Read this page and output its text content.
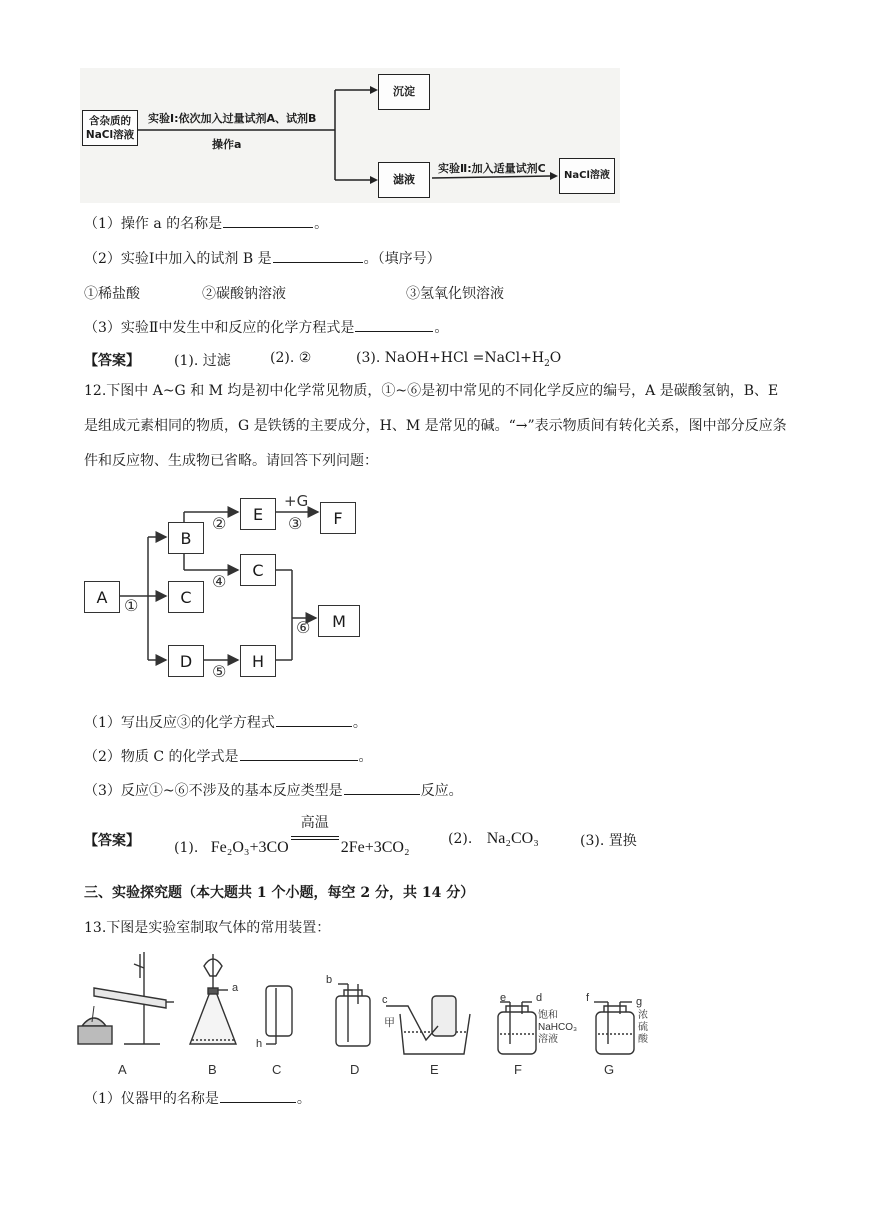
含杂质的NaCl溶液
实验Ⅰ:依次加入过量试剂A、试剂B
操作a
沉淀
滤液
实验Ⅱ:加入适量试剂C
NaCl溶液
（1）操作 a 的名称是	。
（2）实验Ⅰ中加入的试剂 B 是	。（填序号）
①稀盐酸	②碳酸钠溶液	③氢氧化钡溶液
（3）实验Ⅱ中发生中和反应的化学方程式是	。
【答案】 (1). 过滤	(2). ②	(3). NaOH+HCl $=NaCl+H_2O$
12.下图中 A~G 和 M 均是初中化学常见物质，①~⑥是初中常见的不同化学反应的编号，A 是碳酸氢钠，B、E 是组成元素相同的物质，G 是铁锈的主要成分，H、M 是常见的碱。“→”表示物质间有转化关系，图中部分反应条件和反应物、生成物已省略。请回答下列问题：
A
B
C
D
E	F
C
H
M
①
②	③
+G
④
⑤
⑥
（1）写出反应③的化学方程式	。
（2）物质 C 的化学式是	。
（3）反应①~⑥不涉及的基本反应类型是	反应。
【答案】 (1). Fe₂O₃+3CO
高温
2Fe+3CO₂	(2). Na₂CO₃	(3). 置换
三、实验探究题（本大题共 1 个小题，每空 2 分，共 14 分）
13.下图是实验室制取气体的常用装置：
A	B	C	D	E	F	G
a
b
c	d
e	f	g
h
甲
饱和NaHCO₃溶液
浓硫酸
（1）仪器甲的名称是	。
